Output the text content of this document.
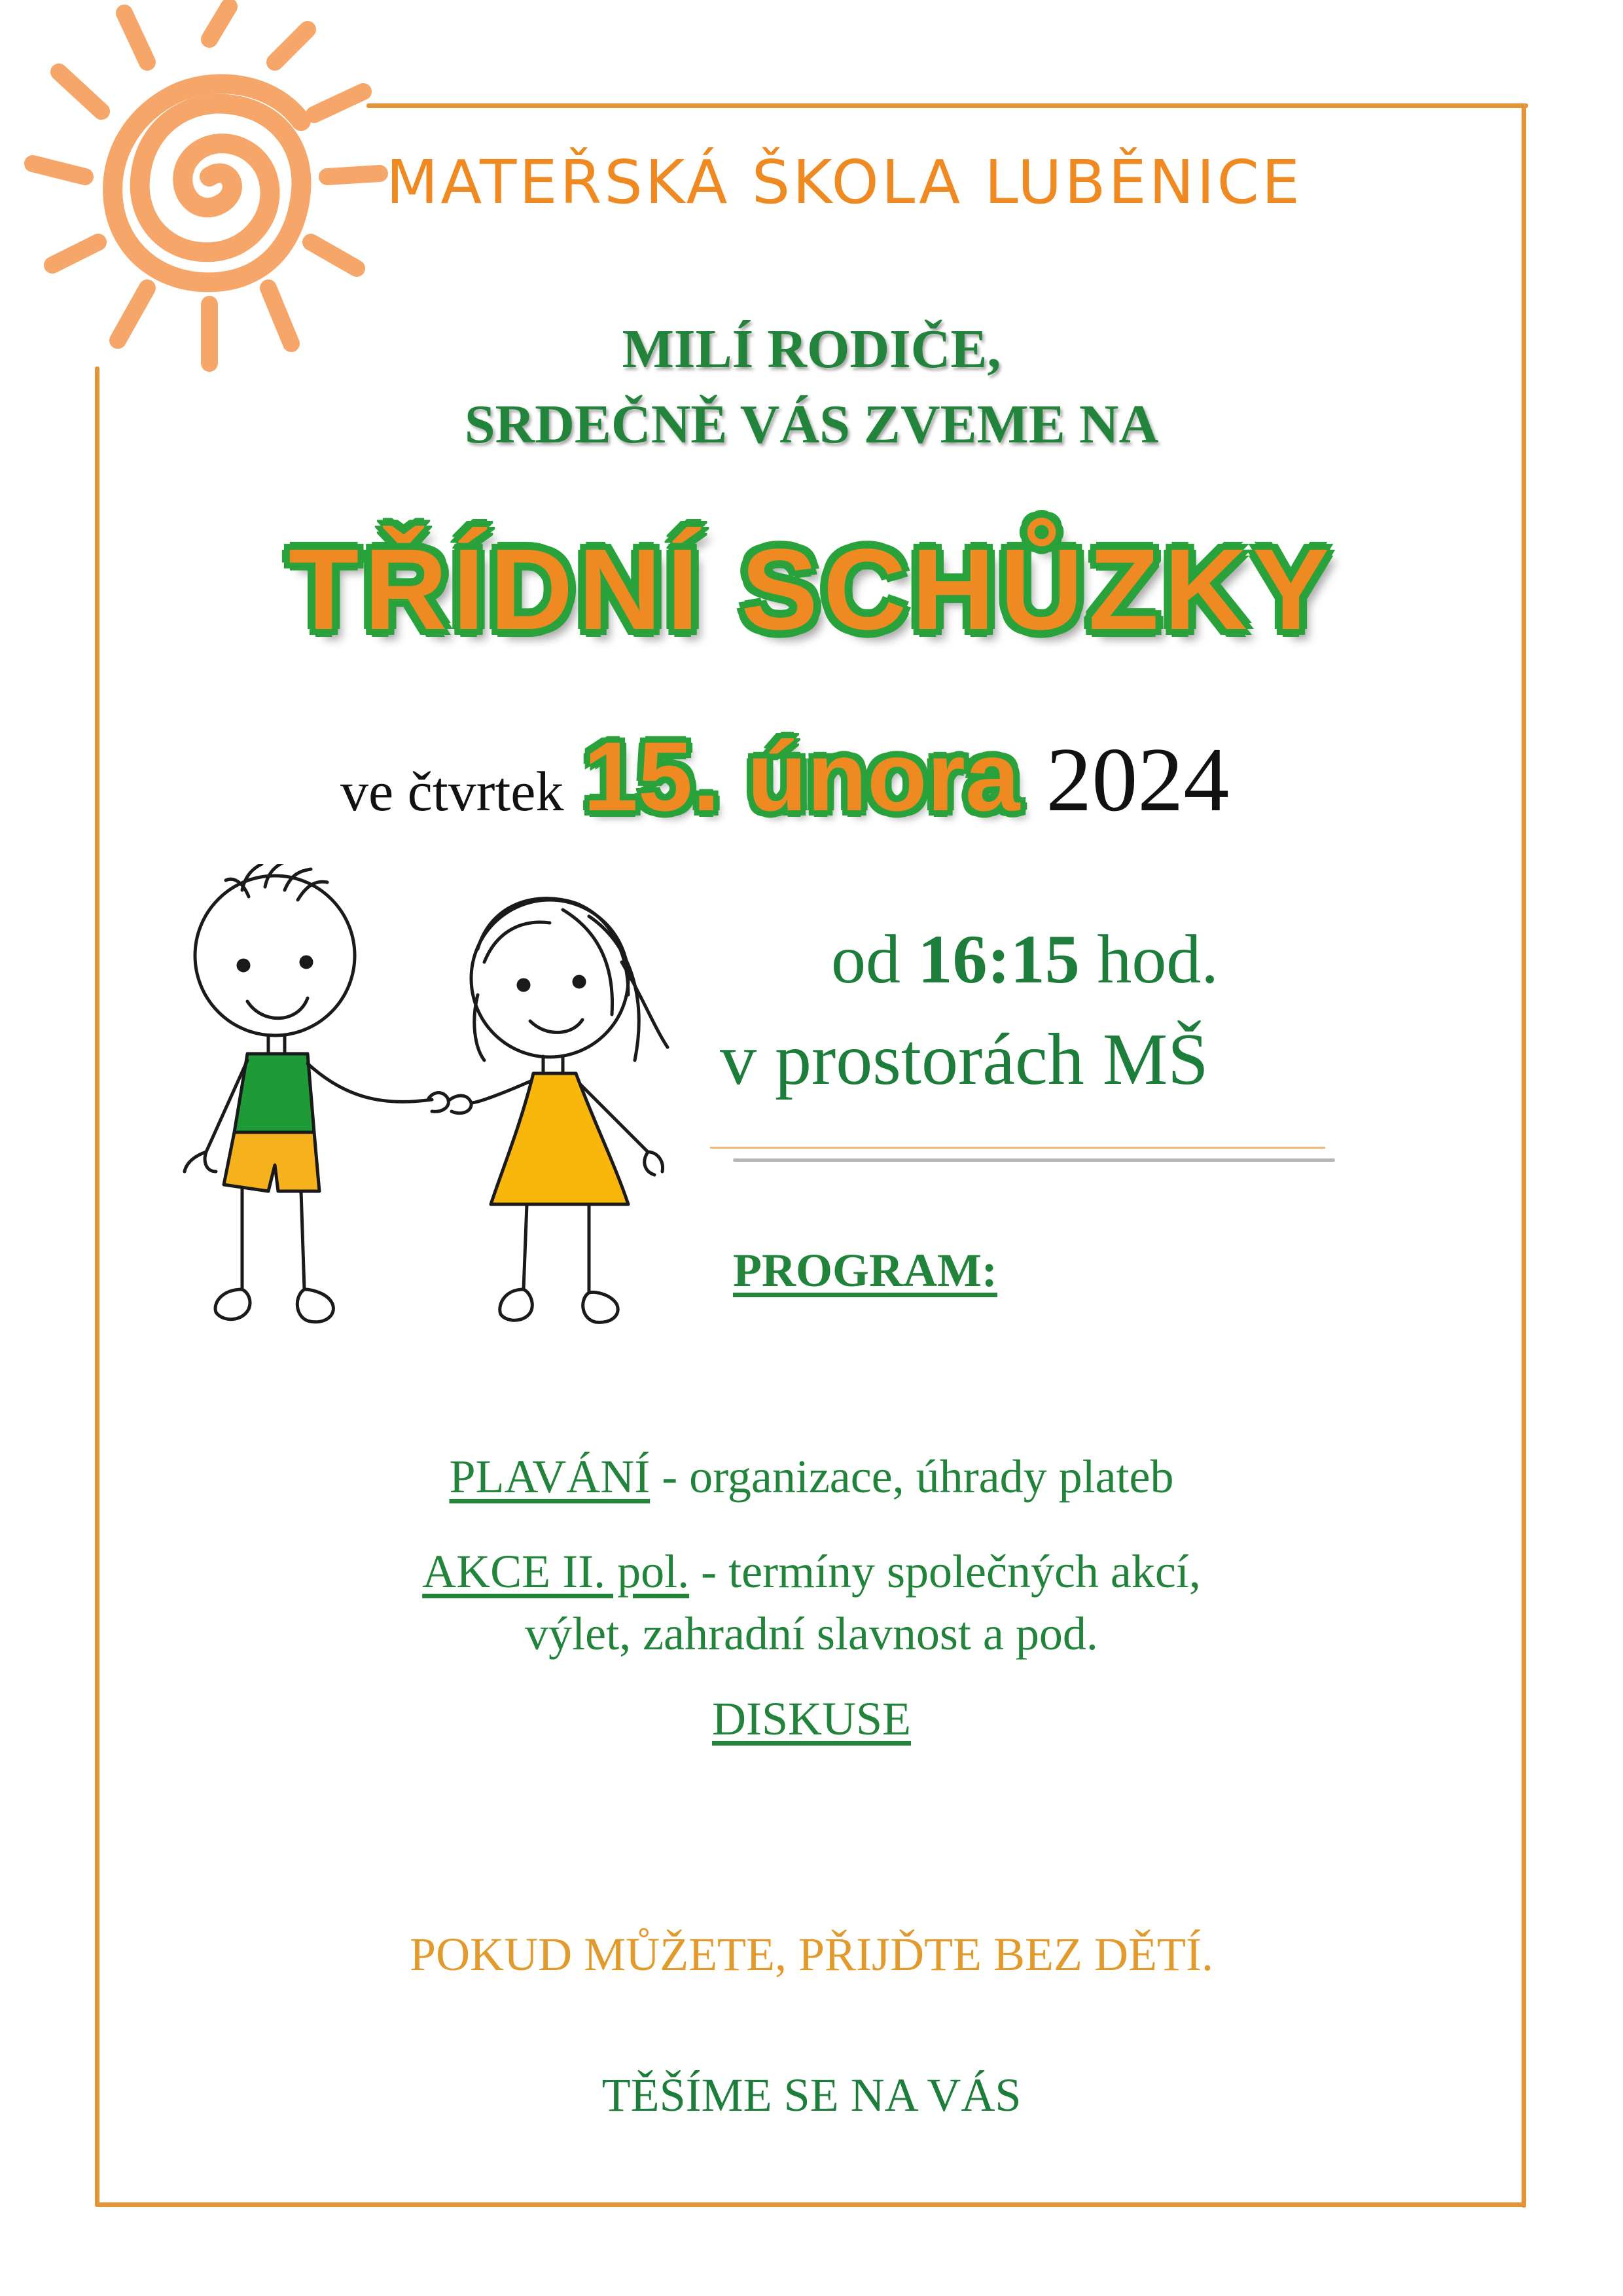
MATEŘSKÁ ŠKOLA LUBĚNICE
MILÍ RODIČE,
SRDEČNĚ VÁS ZVEME NA
TŘÍDNÍ SCHŮZKY
ve čtvrtek 15. února 2024
od 16:15 hod.
v prostorách MŠ
PROGRAM:
PLAVÁNÍ - organizace, úhrady plateb
AKCE II. pol. - termíny společných akcí,
výlet, zahradní slavnost a pod.
DISKUSE
POKUD MŮŽETE, PŘIJĎTE BEZ DĚTÍ.
TĚŠÍME SE NA VÁS
